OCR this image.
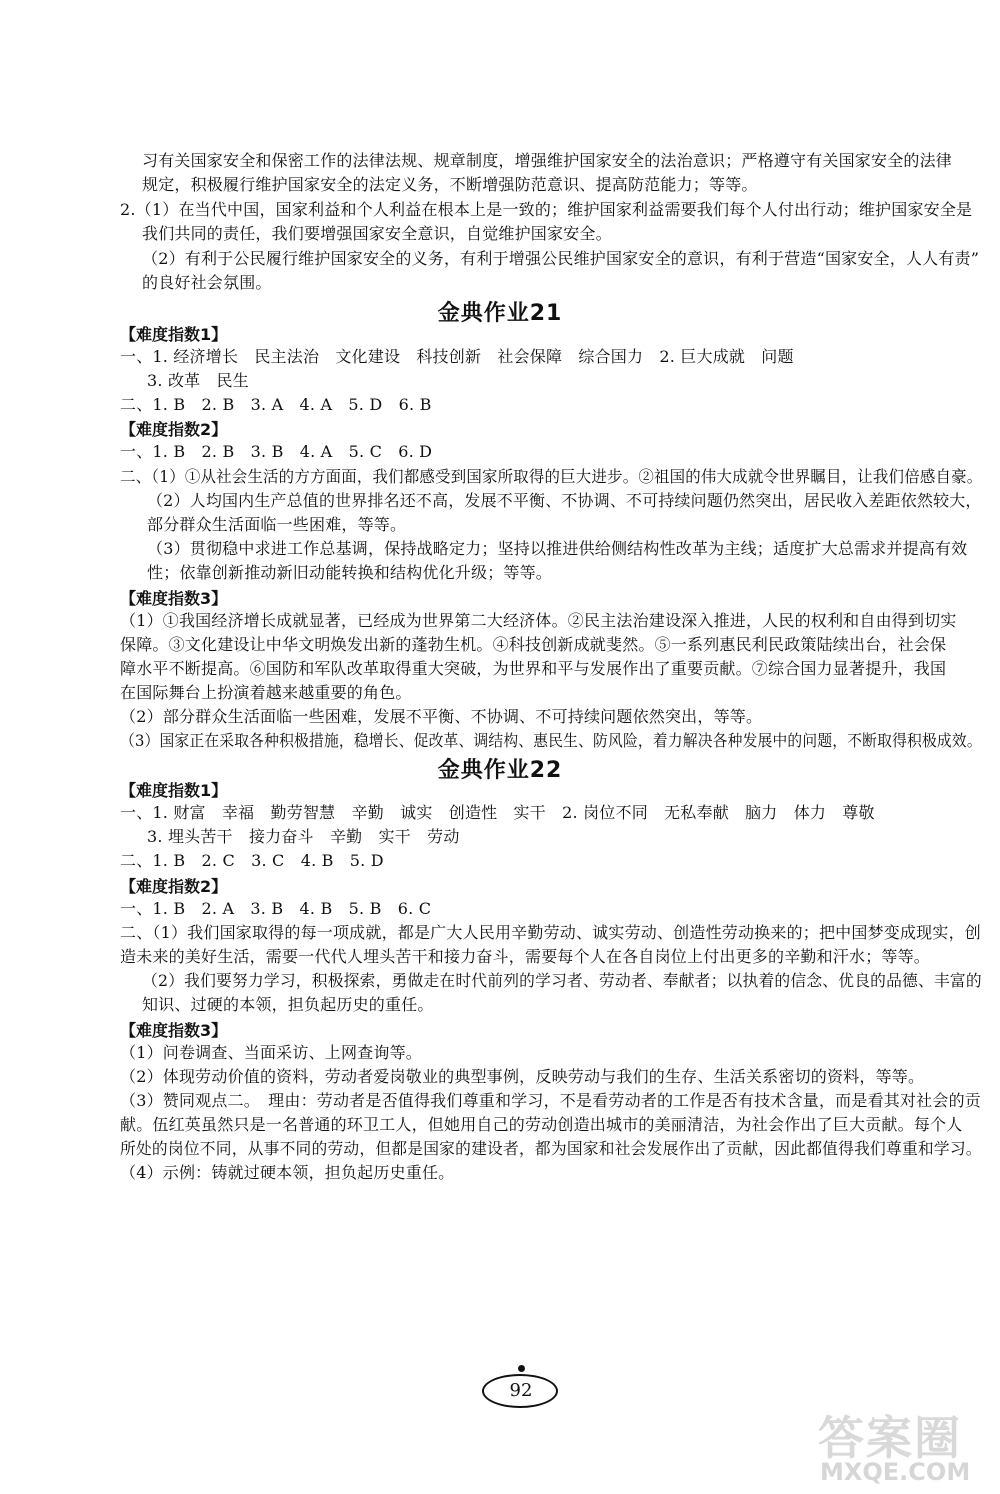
习有关国家安全和保密工作的法律法规、规章制度，增强维护国家安全的法治意识；严格遵守有关国家安全的法律
规定，积极履行维护国家安全的法定义务，不断增强防范意识、提高防范能力；等等。
2.（1）在当代中国，国家利益和个人利益在根本上是一致的；维护国家利益需要我们每个人付出行动；维护国家安全是
我们共同的责任，我们要增强国家安全意识，自觉维护国家安全。
（2）有利于公民履行维护国家安全的义务，有利于增强公民维护国家安全的意识，有利于营造“国家安全，人人有责”
的良好社会氛围。
金典作业21
【难度指数1】
一、1. 经济增长　民主法治　文化建设　科技创新　社会保障　综合国力　2. 巨大成就　问题
3. 改革　民生
二、1. B　2. B　3. A　4. A　5. D　6. B
【难度指数2】
一、1. B　2. B　3. B　4. A　5. C　6. D
二、（1）①从社会生活的方方面面，我们都感受到国家所取得的巨大进步。②祖国的伟大成就令世界瞩目，让我们倍感自豪。
（2）人均国内生产总值的世界排名还不高，发展不平衡、不协调、不可持续问题仍然突出，居民收入差距依然较大，
部分群众生活面临一些困难，等等。
（3）贯彻稳中求进工作总基调，保持战略定力；坚持以推进供给侧结构性改革为主线；适度扩大总需求并提高有效
性；依靠创新推动新旧动能转换和结构优化升级；等等。
【难度指数3】
（1）①我国经济增长成就显著，已经成为世界第二大经济体。②民主法治建设深入推进，人民的权利和自由得到切实
保障。③文化建设让中华文明焕发出新的蓬勃生机。④科技创新成就斐然。⑤一系列惠民利民政策陆续出台，社会保
障水平不断提高。⑥国防和军队改革取得重大突破，为世界和平与发展作出了重要贡献。⑦综合国力显著提升，我国
在国际舞台上扮演着越来越重要的角色。
（2）部分群众生活面临一些困难，发展不平衡、不协调、不可持续问题依然突出，等等。
（3）国家正在采取各种积极措施，稳增长、促改革、调结构、惠民生、防风险，着力解决各种发展中的问题，不断取得积极成效。
金典作业22
【难度指数1】
一、1. 财富　幸福　勤劳智慧　辛勤　诚实　创造性　实干　2. 岗位不同　无私奉献　脑力　体力　尊敬
3. 埋头苦干　接力奋斗　辛勤　实干　劳动
二、1. B　2. C　3. C　4. B　5. D
【难度指数2】
一、1. B　2. A　3. B　4. B　5. B　6. C
二、（1）我们国家取得的每一项成就，都是广大人民用辛勤劳动、诚实劳动、创造性劳动换来的；把中国梦变成现实，创
造未来的美好生活，需要一代代人埋头苦干和接力奋斗，需要每个人在各自岗位上付出更多的辛勤和汗水；等等。
（2）我们要努力学习，积极探索，勇做走在时代前列的学习者、劳动者、奉献者；以执着的信念、优良的品德、丰富的
知识、过硬的本领，担负起历史的重任。
【难度指数3】
（1）问卷调查、当面采访、上网查询等。
（2）体现劳动价值的资料，劳动者爱岗敬业的典型事例，反映劳动与我们的生存、生活关系密切的资料，等等。
（3）赞同观点二。　理由：劳动者是否值得我们尊重和学习，不是看劳动者的工作是否有技术含量，而是看其对社会的贡
献。伍红英虽然只是一名普通的环卫工人，但她用自己的劳动创造出城市的美丽清洁，为社会作出了巨大贡献。每个人
所处的岗位不同，从事不同的劳动，但都是国家的建设者，都为国家和社会发展作出了贡献，因此都值得我们尊重和学习。
（4）示例：铸就过硬本领，担负起历史重任。
92
答案圈
MXQE.COM
